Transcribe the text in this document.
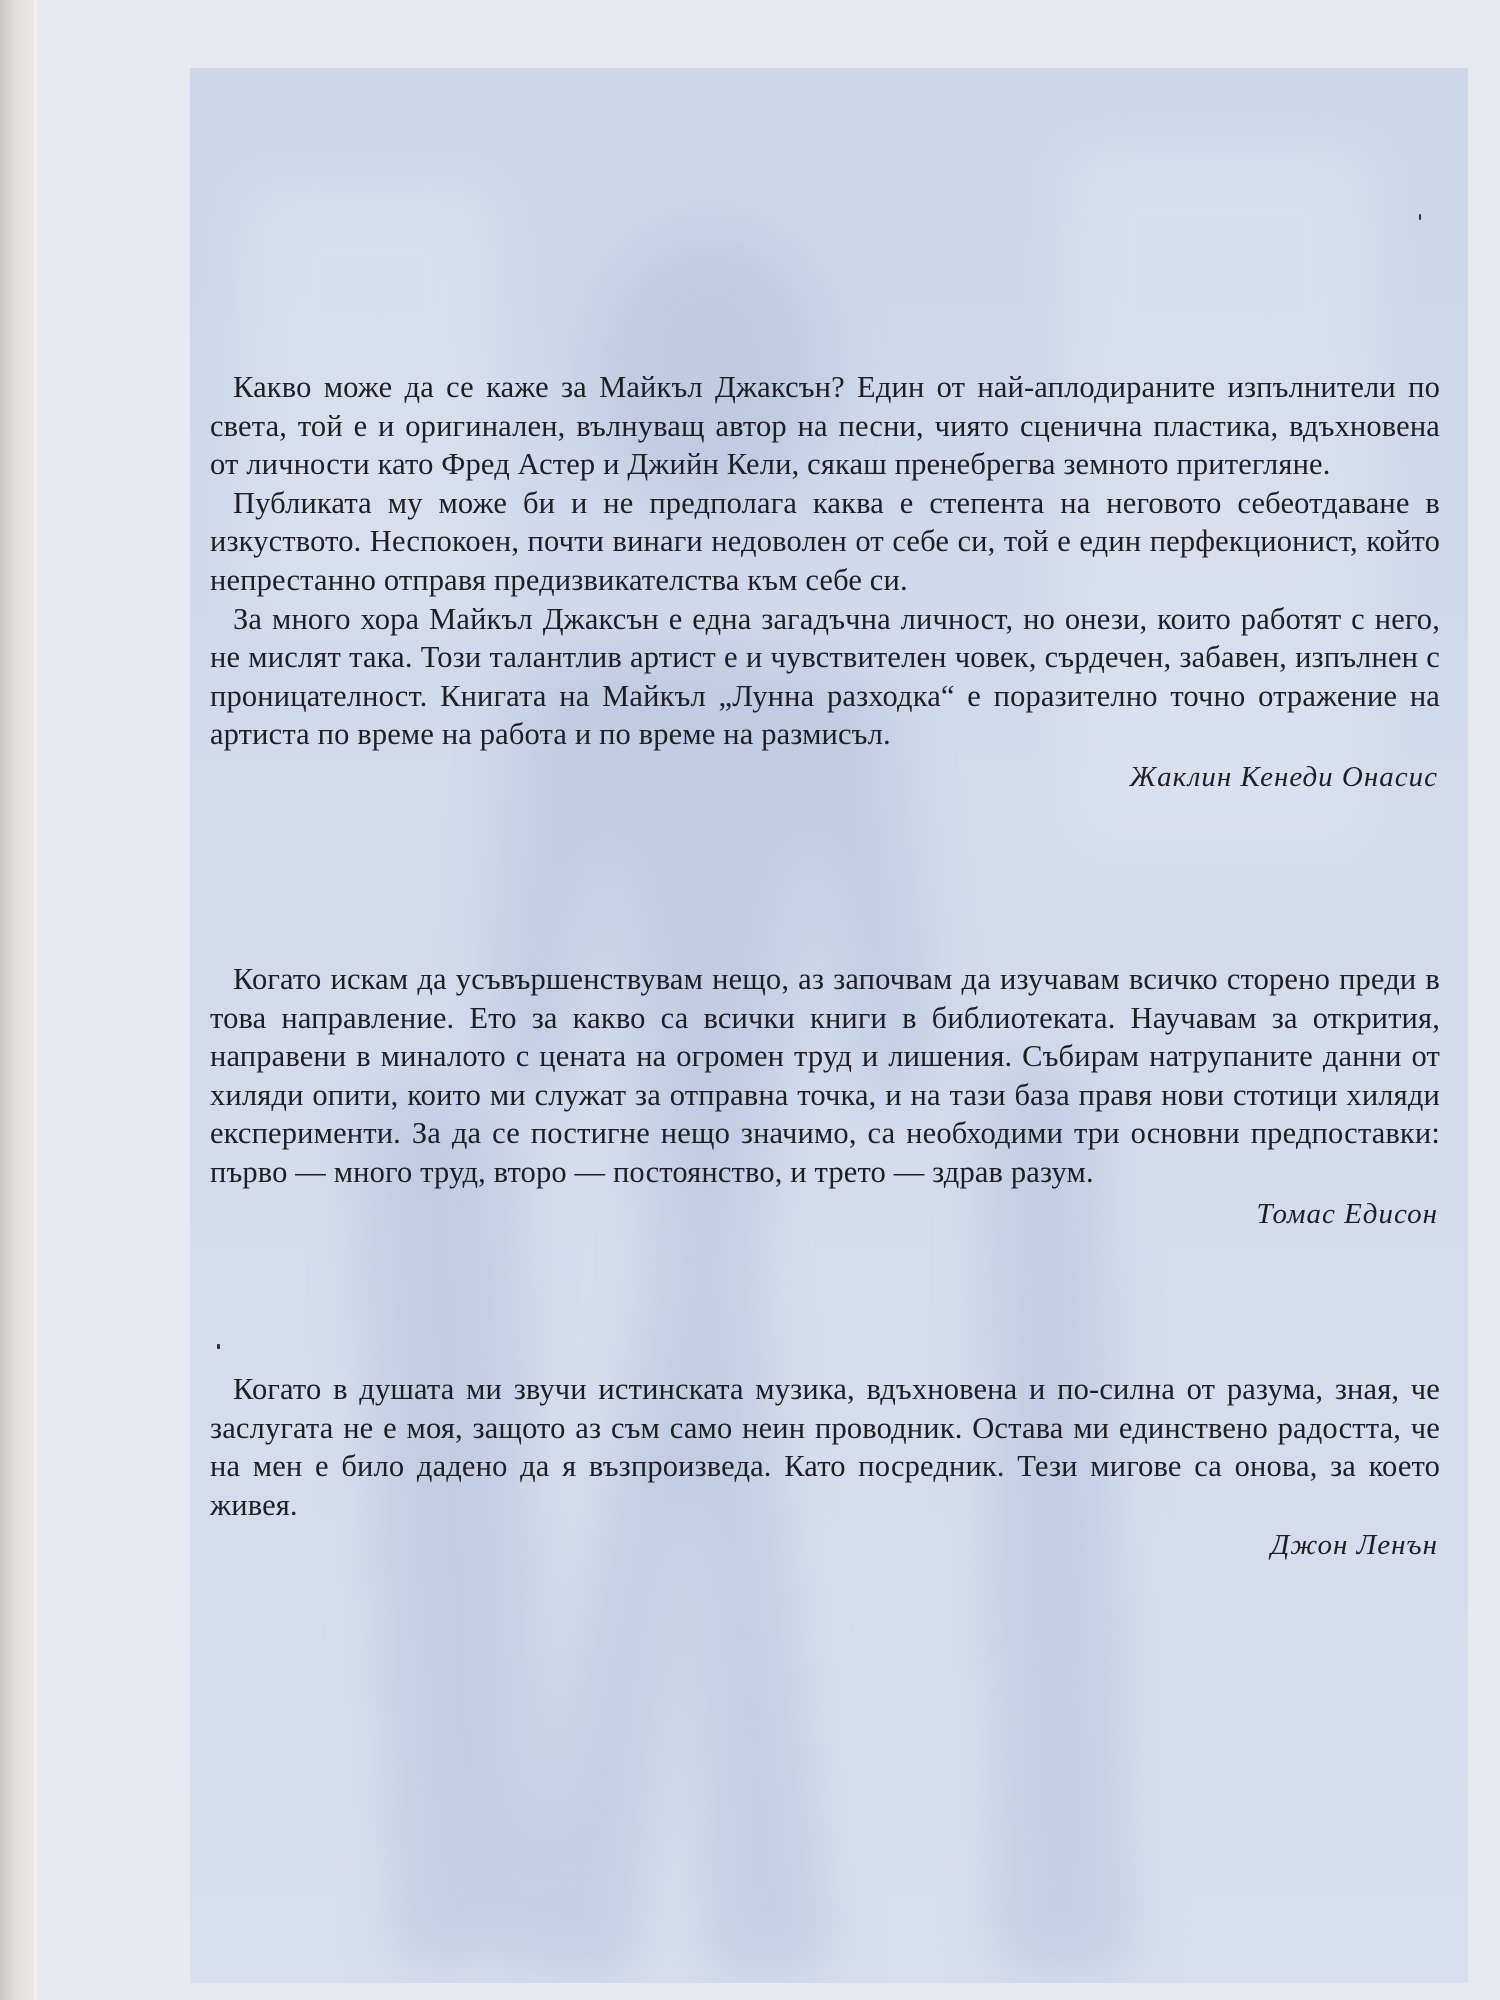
Какво може да се каже за Майкъл Джаксън? Един от най-аплодираните изпълнители по света, той е и оригинален, вълнуващ автор на песни, чиято сценична пластика, вдъхновена от личности като Фред Астер и Джийн Кели, сякаш пренебрегва земното притегляне.

Публиката му може би и не предполага каква е степента на неговото себеотдаване в изкуството. Неспокоен, почти винаги недоволен от себе си, той е един перфекционист, който непрестанно отправя предизвикателства към себе си.

За много хора Майкъл Джаксън е една загадъчна личност, но онези, които работят с него, не мислят така. Този талантлив артист е и чувствителен човек, сърдечен, забавен, изпълнен с проницателност. Книгата на Майкъл „Лунна разходка“ е поразително точно отражение на артиста по време на работа и по време на размисъл.

Жаклин Кенеди Онасис

Когато искам да усъвършенствувам нещо, аз започвам да изучавам всичко сторено преди в това направление. Ето за какво са всички книги в библиотеката. Научавам за открития, направени в миналото с цената на огромен труд и лишения. Събирам натрупаните данни от хиляди опити, които ми служат за отправна точка, и на тази база правя нови стотици хиляди експерименти. За да се постигне нещо значимо, са необходими три основни предпоставки: първо — много труд, второ — постоянство, и трето — здрав разум.

Томас Едисон

Когато в душата ми звучи истинската музика, вдъхновена и по-силна от разума, зная, че заслугата не е моя, защото аз съм само неин проводник. Остава ми единствено радостта, че на мен е било дадено да я възпроизведа. Като посредник. Тези мигове са онова, за което живея.

Джон Ленън
